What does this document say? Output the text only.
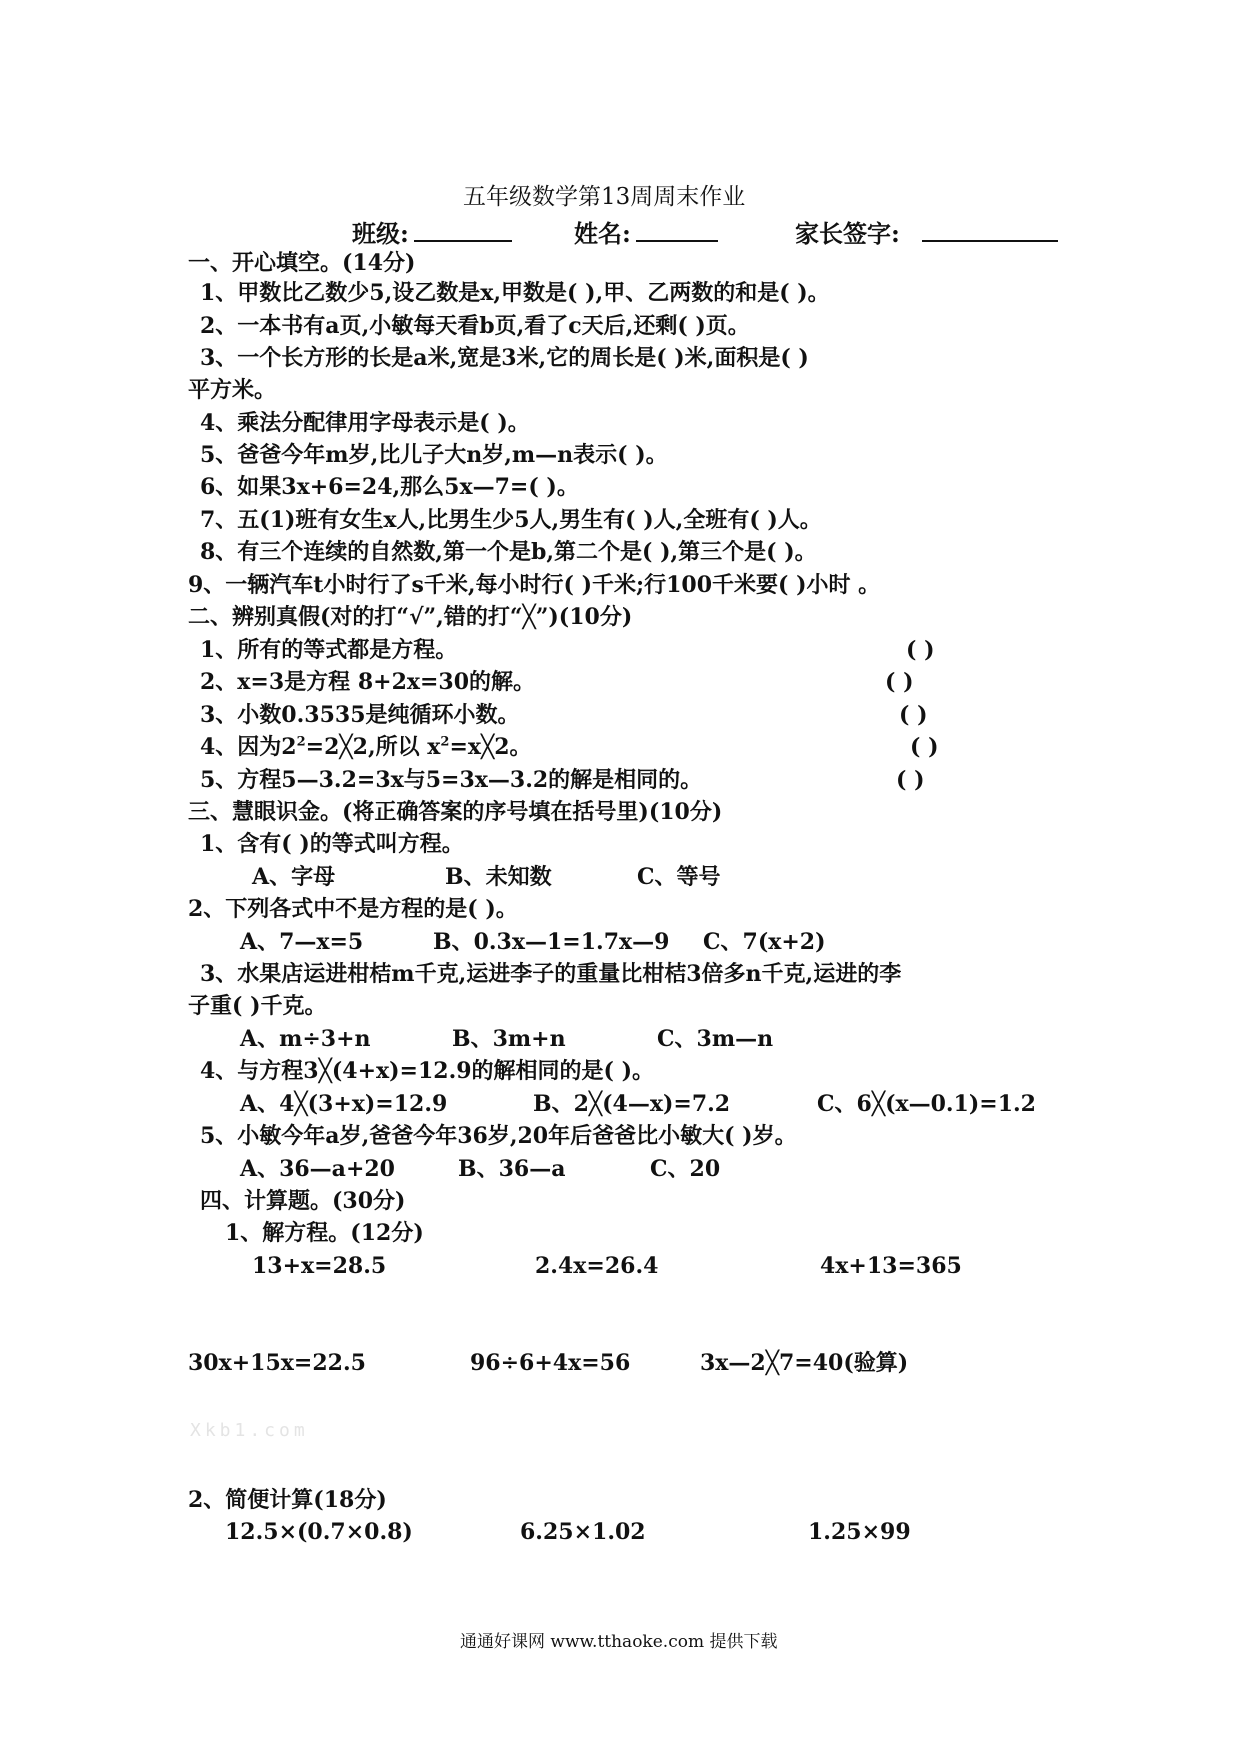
五年级数学第13周周末作业
班级:	姓名:	家长签字:
一、开心填空。(14分)
1、甲数比乙数少5,设乙数是x,甲数是( ),甲、乙两数的和是( )。
2、一本书有a页,小敏每天看b页,看了c天后,还剩( )页。
3、一个长方形的长是a米,宽是3米,它的周长是( )米,面积是( )
平方米。
4、乘法分配律用字母表示是( )。
5、爸爸今年m岁,比儿子大n岁,m—n表示( )。
6、如果3x+6=24,那么5x—7=( )。
7、五(1)班有女生x人,比男生少5人,男生有( )人,全班有( )人。
8、有三个连续的自然数,第一个是b,第二个是( ),第三个是( )。
9、一辆汽车t小时行了s千米,每小时行( )千米;行100千米要( )小时 。
二、辨别真假(对的打“√”,错的打“╳”)(10分)
1、所有的等式都是方程。	( )
2、x=3是方程 8+2x=30的解。	( )
3、小数0.3535是纯循环小数。	( )
4、因为$2^2=2╳2$,所以 $x^2=x╳2$。	( )
5、方程5—3.2=3x与5=3x—3.2的解是相同的。	( )
三、慧眼识金。(将正确答案的序号填在括号里)(10分)
1、含有( )的等式叫方程。
A、字母	B、未知数	C、等号
2、下列各式中不是方程的是( )。
A、7—x=5	B、0.3x—1=1.7x—9 C、7(x+2)
3、水果店运进柑桔m千克,运进李子的重量比柑桔3倍多n千克,运进的李
子重( )千克。
A、m÷3+n	B、3m+n	C、3m—n
4、与方程3╳(4+x)=12.9的解相同的是( )。
A、4╳(3+x)=12.9	B、2╳(4—x)=7.2	C、6╳(x—0.1)=1.2
5、小敏今年a岁,爸爸今年36岁,20年后爸爸比小敏大( )岁。
A、36—a+20	B、36—a	C、20
四、计算题。(30分)
1、解方程。(12分)
13+x=28.5	2.4x=26.4	4x+13=365
30x+15x=22.5	96÷6+4x=56	3x—2╳7=40(验算)
Xkb1.com
2、简便计算(18分)
12.5×(0.7×0.8)	6.25×1.02	1.25×99
通通好课网 www.tthaoke.com 提供下载
